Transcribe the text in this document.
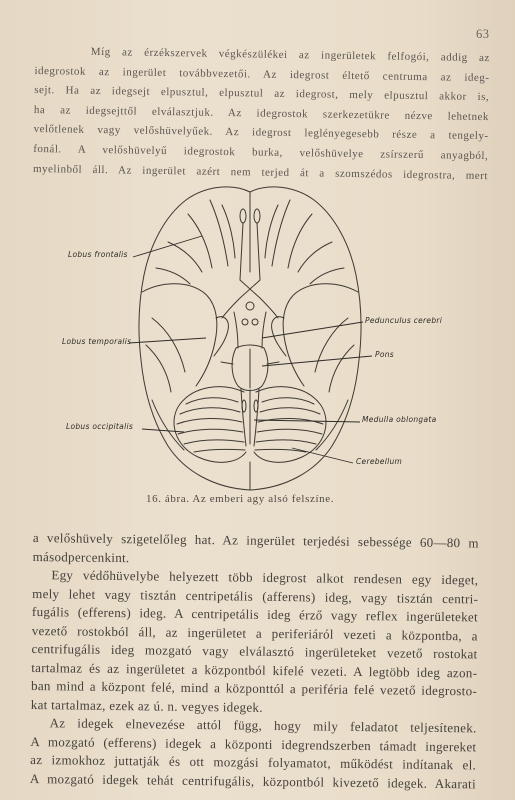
63
Míg az érzékszervek végkészülékei az ingerületek felfogói, addig az
idegrostok az ingerület továbbvezetői. Az idegrost éltető centruma az ideg-
sejt. Ha az idegsejt elpusztul, elpusztul az idegrost, mely elpusztul akkor is,
ha az idegsejttől elválasztjuk. Az idegrostok szerkezetükre nézve lehetnek
velőtlenek vagy velőshüvelyűek. Az idegrost leglényegesebb része a tengely-
fonál. A velőshüvelyű idegrostok burka, velőshüvelye zsírszerű anyagból,
myelinből áll. Az ingerület azért nem terjed át a szomszédos idegrostra, mert
Lobus frontalis
Lobus temporalis
Lobus occipitalis
Pedunculus cerebri
Pons
Medulla oblongata
Cerebellum
16. ábra. Az emberi agy alsó felszíne.
a velőshüvely szigetelőleg hat. Az ingerület terjedési sebessége 60—80 m
másodpercenkint.
Egy védőhüvelybe helyezett több idegrost alkot rendesen egy ideget,
mely lehet vagy tisztán centripetális (afferens) ideg, vagy tisztán centri-
fugális (efferens) ideg. A centripetális ideg érző vagy reflex ingerületeket
vezető rostokból áll, az ingerületet a periferiáról vezeti a központba, a
centrifugális ideg mozgató vagy elválasztó ingerületeket vezető rostokat
tartalmaz és az ingerületet a központból kifelé vezeti. A legtöbb ideg azon-
ban mind a központ felé, mind a központtól a periféria felé vezető idegrosto-
kat tartalmaz, ezek az ú. n. vegyes idegek.
Az idegek elnevezése attól függ, hogy mily feladatot teljesítenek.
A mozgató (efferens) idegek a központi idegrendszerben támadt ingereket
az izmokhoz juttatják és ott mozgási folyamatot, működést indítanak el.
A mozgató idegek tehát centrifugális, központból kivezető idegek. Akarati
